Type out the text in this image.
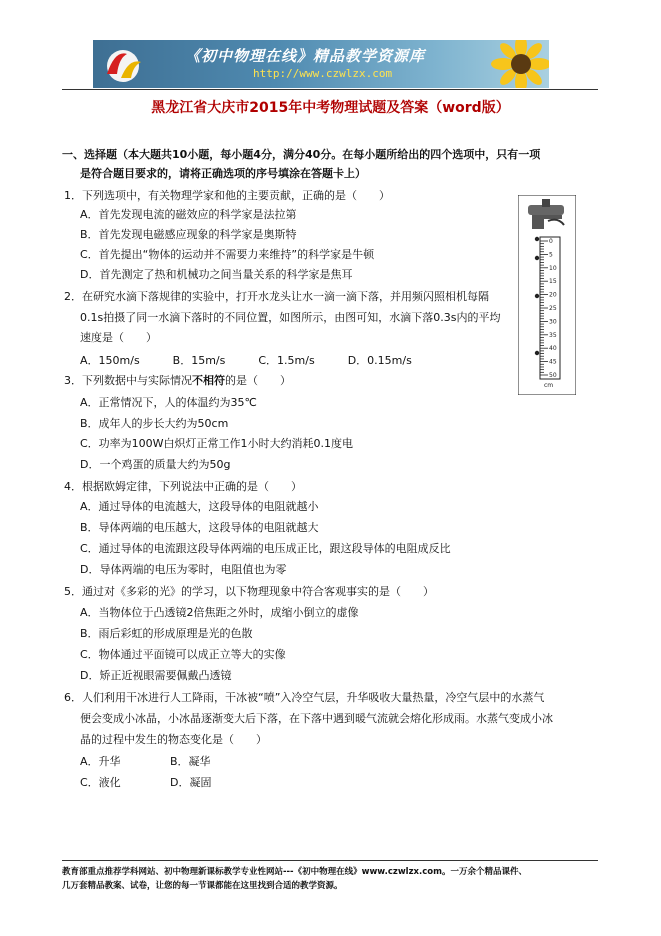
《初中物理在线》精品教学资源库
http://www.czwlzx.com
黑龙江省大庆市2015年中考物理试题及答案（word版）
一、选择题（本大题共10小题，每小题4分，满分40分。在每小题所给出的四个选项中，只有一项
是符合题目要求的，请将正确选项的序号填涂在答题卡上）
1．下列选项中，有关物理学家和他的主要贡献，正确的是（　　）
A．首先发现电流的磁效应的科学家是法拉第
B．首先发现电磁感应现象的科学家是奥斯特
C．首先提出“物体的运动并不需要力来维持”的科学家是牛顿
D．首先测定了热和机械功之间当量关系的科学家是焦耳
2．在研究水滴下落规律的实验中，打开水龙头让水一滴一滴下落，并用频闪照相机每隔
0.1s拍摄了同一水滴下落时的不同位置，如图所示，由图可知，水滴下落0.3s内的平均
速度是（　　）
A．150m/s　　　B．15m/s　　　C．1.5m/s　　　D．0.15m/s
0
5
10
15
20
25
30
35
40
45
50
cm
3．下列数据中与实际情况不相符的是（　　）
A．正常情况下，人的体温约为35℃
B．成年人的步长大约为50cm
C．功率为100W白炽灯正常工作1小时大约消耗0.1度电
D．一个鸡蛋的质量大约为50g
4．根据欧姆定律，下列说法中正确的是（　　）
A．通过导体的电流越大，这段导体的电阻就越小
B．导体两端的电压越大，这段导体的电阻就越大
C．通过导体的电流跟这段导体两端的电压成正比，跟这段导体的电阻成反比
D．导体两端的电压为零时，电阻值也为零
5．通过对《多彩的光》的学习，以下物理现象中符合客观事实的是（　　）
A．当物体位于凸透镜2倍焦距之外时，成缩小倒立的虚像
B．雨后彩虹的形成原理是光的色散
C．物体通过平面镜可以成正立等大的实像
D．矫正近视眼需要佩戴凸透镜
6．人们利用干冰进行人工降雨，干冰被“喷”入冷空气层，升华吸收大量热量，冷空气层中的水蒸气
便会变成小冰晶，小冰晶逐渐变大后下落，在下落中遇到暖气流就会熔化形成雨。水蒸气变成小冰
晶的过程中发生的物态变化是（　　）
A．升华	B．凝华
C．液化	D．凝固
教育部重点推荐学科网站、初中物理新课标教学专业性网站---《初中物理在线》www.czwlzx.com。一万余个精品课件、
几万套精品教案、试卷，让您的每一节课都能在这里找到合适的教学资源。
